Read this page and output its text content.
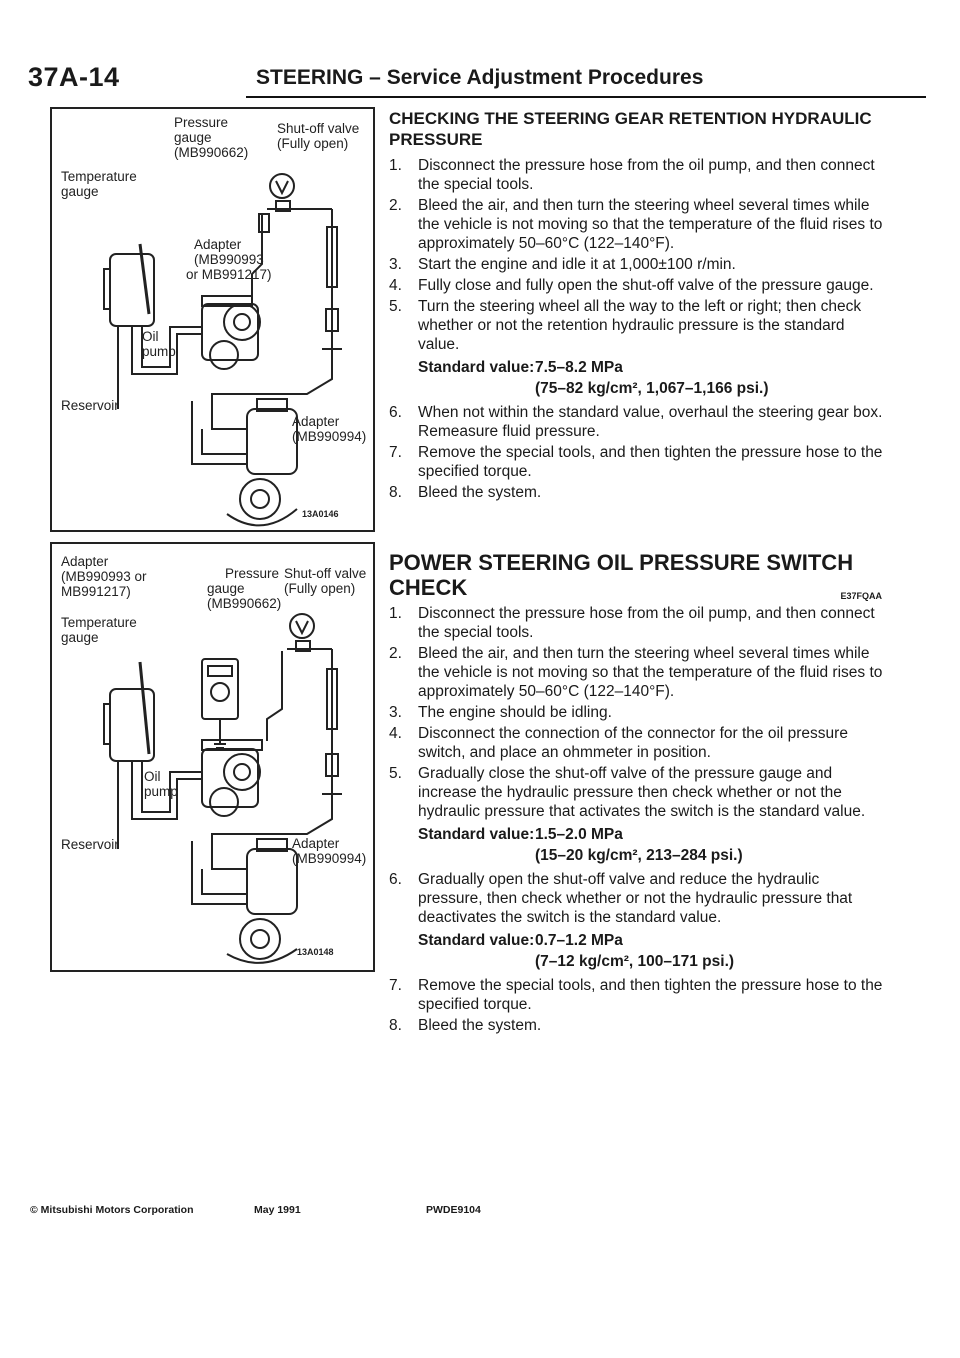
37A-14	STEERING – Service Adjustment Procedures
Pressure gauge
(MB990662)
Shut-off valve
(Fully open)
Temperature
gauge
Adapter
(MB990993
or MB991217)
Oil
pump
Reservoir
Adapter
(MB990994)
13A0146
Adapter
(MB990993 or
MB991217)
Pressure
gauge
(MB990662)
Shut-off valve
(Fully open)
Temperature
gauge
Oil
pump
Reservoir	Adapter
(MB990994)
13A0148
CHECKING THE STEERING GEAR RETENTION HYDRAULIC
PRESSURE
1. Disconnect the pressure hose from the oil pump, and then connect the special tools.
2. Bleed the air, and then turn the steering wheel several times while the vehicle is not moving so that the temperature of the fluid rises to approximately 50–60°C (122–140°F).
3. Start the engine and idle it at 1,000±100 r/min.
4. Fully close and fully open the shut-off valve of the pressure gauge.
5. Turn the steering wheel all the way to the left or right; then check whether or not the retention hydraulic pressure is the standard value.
Standard value:7.5–8.2 MPa
(75–82 kg/cm², 1,067–1,166 psi.)
6. When not within the standard value, overhaul the steering gear box. Remeasure fluid pressure.
7. Remove the special tools, and then tighten the pressure hose to the specified torque.
8. Bleed the system.
POWER STEERING OIL PRESSURE SWITCH
CHECK	E37FQAA
1. Disconnect the pressure hose from the oil pump, and then connect the special tools.
2. Bleed the air, and then turn the steering wheel several times while the vehicle is not moving so that the temperature of the fluid rises to approximately 50–60°C (122–140°F).
3. The engine should be idling.
4. Disconnect the connection of the connector for the oil pressure switch, and place an ohmmeter in position.
5. Gradually close the shut-off valve of the pressure gauge and increase the hydraulic pressure then check whether or not the hydraulic pressure that activates the switch is the standard value.
Standard value:1.5–2.0 MPa
(15–20 kg/cm², 213–284 psi.)
6. Gradually open the shut-off valve and reduce the hydraulic pressure, then check whether or not the hydraulic pressure that deactivates the switch is the standard value.
Standard value:0.7–1.2 MPa
(7–12 kg/cm², 100–171 psi.)
7. Remove the special tools, and then tighten the pressure hose to the specified torque.
8. Bleed the system.
© Mitsubishi Motors Corporation	May 1991	PWDE9104
